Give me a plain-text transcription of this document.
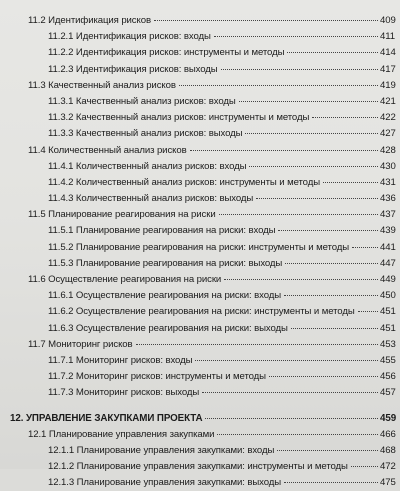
11.2 Идентификация рисков	409
11.2.1 Идентификация рисков: входы	411
11.2.2 Идентификация рисков: инструменты и методы	414
11.2.3 Идентификация рисков: выходы	417
11.3 Качественный анализ рисков	419
11.3.1 Качественный анализ рисков: входы	421
11.3.2 Качественный анализ рисков: инструменты и методы	422
11.3.3 Качественный анализ рисков: выходы	427
11.4 Количественный анализ рисков	428
11.4.1 Количественный анализ рисков: входы	430
11.4.2 Количественный анализ рисков: инструменты и методы	431
11.4.3 Количественный анализ рисков: выходы	436
11.5 Планирование реагирования на риски	437
11.5.1 Планирование реагирования на риски: входы	439
11.5.2 Планирование реагирования на риски: инструменты и методы	441
11.5.3 Планирование реагирования на риски: выходы	447
11.6 Осуществление реагирования на риски	449
11.6.1 Осуществление реагирования на риски: входы	450
11.6.2 Осуществление реагирования на риски: инструменты и методы	451
11.6.3 Осуществление реагирования на риски: выходы	451
11.7 Мониторинг рисков	453
11.7.1 Мониторинг рисков: входы	455
11.7.2 Мониторинг рисков: инструменты и методы	456
11.7.3 Мониторинг рисков: выходы	457
12. УПРАВЛЕНИЕ ЗАКУПКАМИ ПРОЕКТА	459
12.1 Планирование управления закупками	466
12.1.1 Планирование управления закупками: входы	468
12.1.2 Планирование управления закупками: инструменты и методы	472
12.1.3 Планирование управления закупками: выходы	475
